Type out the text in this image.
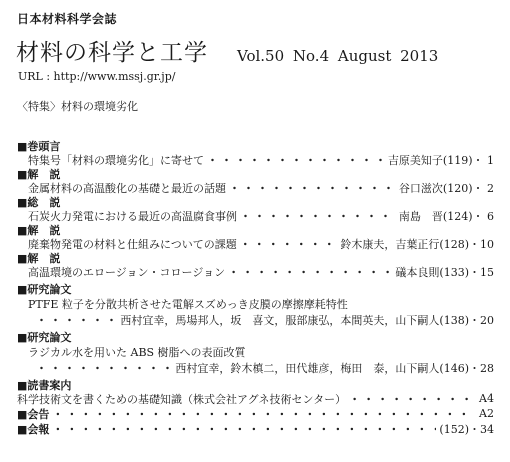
日本材料科学会誌
材料の科学と工学 Vol.50 No.4 August 2013
URL : http://www.mssj.gr.jp/
〈特集〉材料の環境劣化
■巻頭言
特集号「材料の環境劣化」に寄せて ・・・・・・・・・・・・・・・・・・・・・・・・・・・・・・・・・・・・・・・・・・・・・・・・・・・・・・・・・・・	吉原美知子 (119)・ 1
■解　説
金属材料の高温酸化の基礎と最近の話題 ・・・・・・・・・・・・・・・・・・・・・・・・・・・・・・・・・・・・・・・・・・・・・・・・・・・・・・・・・・・	谷口滋次 (120)・ 2
■総　説
石炭火力発電における最近の高温腐食事例 ・・・・・・・・・・・・・・・・・・・・・・・・・・・・・・・・・・・・・・・・・・・・・・・・・・・・・・・・・・・	南島　晋 (124)・ 6
■解　説
廃棄物発電の材料と仕組みについての課題 ・・・・・・・・・・・・・・・・・・・・・・・・・・・・・・・・・・・・・・・・・・・・・・・・・・・・・・・・・・・	鈴木康夫，吉葉正行 (128)・10
■解　説
高温環境のエロージョン・コロージョン ・・・・・・・・・・・・・・・・・・・・・・・・・・・・・・・・・・・・・・・・・・・・・・・・・・・・・・・・・・・	礒本良則 (133)・15
■研究論文
PTFE 粒子を分散共析させた電解スズめっき皮膜の摩擦摩耗特性
・・・・・・・・・・・・・・・・・・・・・・・・・・・・・・・・・・・・・・・・・・・・・・・・・・・・・・・・・・・
西村宜幸，馬場邦人，坂　喜文，服部康弘，本間英夫，山下嗣人 (138)・20
■研究論文
ラジカル水を用いた ABS 樹脂への表面改質
・・・・・・・・・・・・・・・・・・・・・・・・・・・・・・・・・・・・・・・・・・・・・・・・・・・・・・・・・・・
西村宜幸，鈴木槙二，田代雄彦，梅田　泰，山下嗣人 (146)・28
■読書案内
科学技術文を書くための基礎知識（株式会社アグネ技術センター） ・・・・・・・・・・・・・・・・・・・・・・・・・・・・・・・・・・・・・・・・・・・・・・・・・・・・・・・・・・・	A4
■会告 ・・・・・・・・・・・・・・・・・・・・・・・・・・・・・・・・・・・・・・・・・・・・・・・・・・・・・・・・・・・	A2
■会報 ・・・・・・・・・・・・・・・・・・・・・・・・・・・・・・・・・・・・・・・・・・・・・・・・・・・・・・・・・・・	(152)・34
